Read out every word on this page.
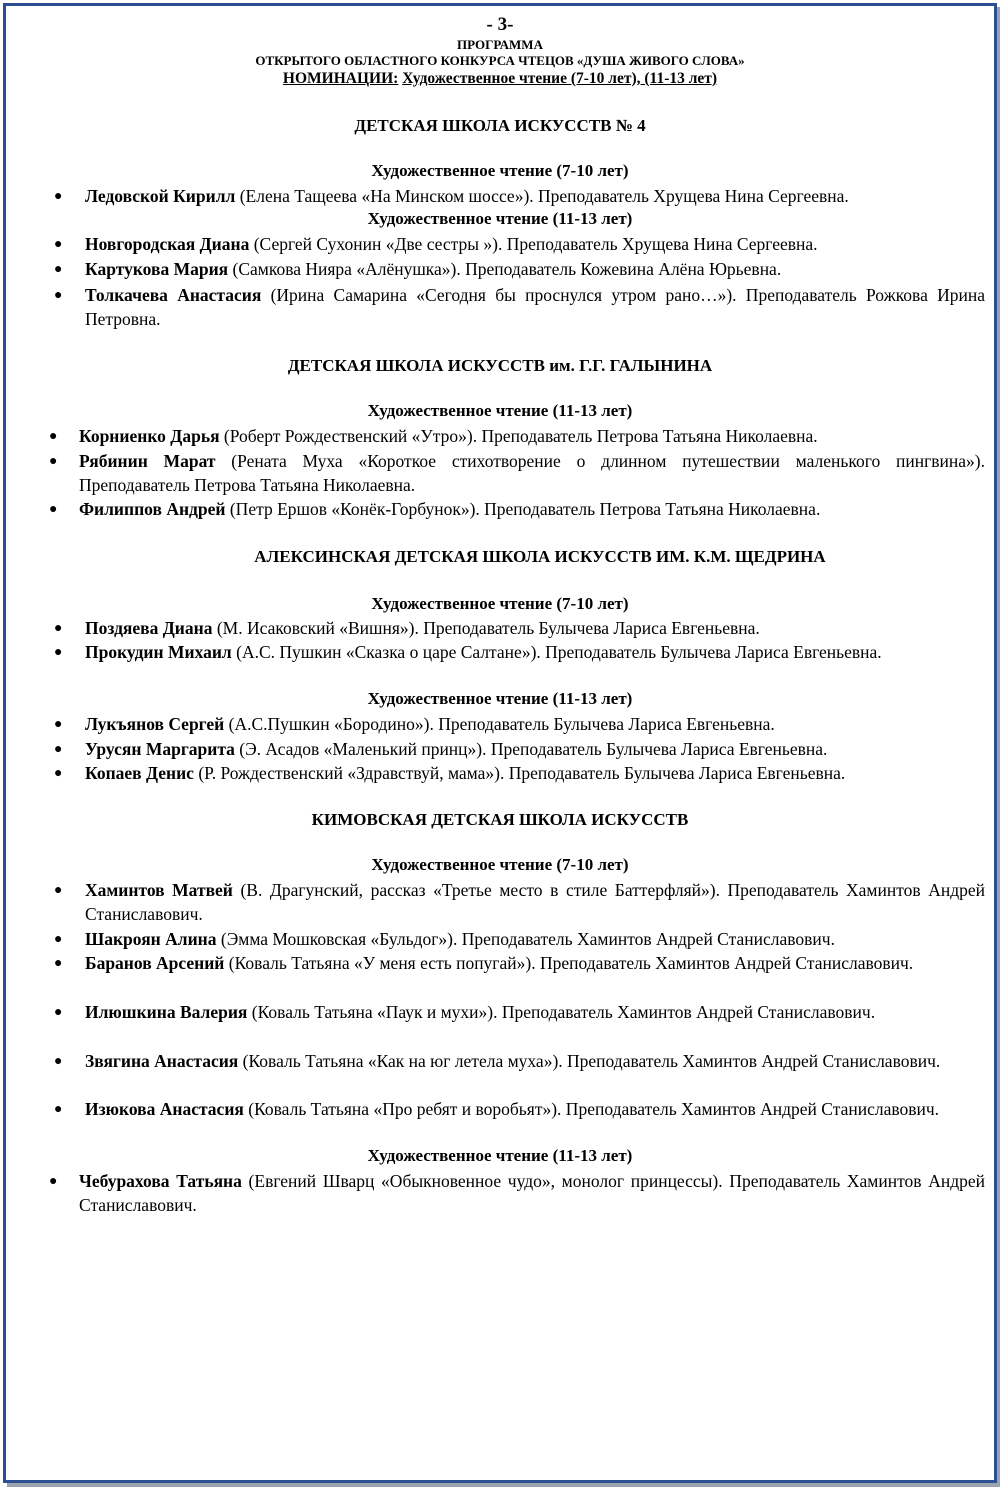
- 3-
ПРОГРАММА
ОТКРЫТОГО ОБЛАСТНОГО КОНКУРСА ЧТЕЦОВ «ДУША ЖИВОГО СЛОВА»
НОМИНАЦИИ: Художественное чтение (7-10 лет), (11-13 лет)
ДЕТСКАЯ ШКОЛА ИСКУССТВ № 4
Художественное чтение (7-10 лет)
● Ледовской Кирилл (Елена Тащеева «На Минском шоссе»). Преподаватель Хрущева Нина Сергеевна.
Художественное чтение (11-13 лет)
● Новгородская Диана (Сергей Сухонин «Две сестры »). Преподаватель Хрущева Нина Сергеевна.
● Картукова Мария (Самкова Нияра «Алёнушка»). Преподаватель Кожевина Алёна Юрьевна.
● Толкачева Анастасия (Ирина Самарина «Сегодня бы проснулся утром рано…»). Преподаватель Рожкова Ирина Петровна.
ДЕТСКАЯ ШКОЛА ИСКУССТВ им. Г.Г. ГАЛЫНИНА
Художественное чтение (11-13 лет)
● Корниенко Дарья (Роберт Рождественский «Утро»). Преподаватель Петрова Татьяна Николаевна.
● Рябинин Марат (Рената Муха «Короткое стихотворение о длинном путешествии маленького пингвина»). Преподаватель Петрова Татьяна Николаевна.
● Филиппов Андрей (Петр Ершов «Конёк-Горбунок»). Преподаватель Петрова Татьяна Николаевна.
АЛЕКСИНСКАЯ ДЕТСКАЯ ШКОЛА ИСКУССТВ ИМ. К.М. ЩЕДРИНА
Художественное чтение (7-10 лет)
● Поздяева Диана (М. Исаковский «Вишня»). Преподаватель Булычева Лариса Евгеньевна.
● Прокудин Михаил (А.С. Пушкин «Сказка о царе Салтане»). Преподаватель Булычева Лариса Евгеньевна.
Художественное чтение (11-13 лет)
● Лукъянов Сергей (А.С.Пушкин «Бородино»). Преподаватель Булычева Лариса Евгеньевна.
● Урусян Маргарита (Э. Асадов «Маленький принц»). Преподаватель Булычева Лариса Евгеньевна.
● Копаев Денис (Р. Рождественский «Здравствуй, мама»). Преподаватель Булычева Лариса Евгеньевна.
КИМОВСКАЯ ДЕТСКАЯ ШКОЛА ИСКУССТВ
Художественное чтение (7-10 лет)
● Хаминтов Матвей (В. Драгунский, рассказ «Третье место в стиле Баттерфляй»). Преподаватель Хаминтов Андрей Станиславович.
● Шакроян Алина (Эмма Мошковская «Бульдог»). Преподаватель Хаминтов Андрей Станиславович.
● Баранов Арсений (Коваль Татьяна «У меня есть попугай»). Преподаватель Хаминтов Андрей Станиславович.
● Илюшкина Валерия (Коваль Татьяна «Паук и мухи»). Преподаватель Хаминтов Андрей Станиславович.
● Звягина Анастасия (Коваль Татьяна «Как на юг летела муха»). Преподаватель Хаминтов Андрей Станиславович.
● Изюкова Анастасия (Коваль Татьяна «Про ребят и воробьят»). Преподаватель Хаминтов Андрей Станиславович.
Художественное чтение (11-13 лет)
● Чебурахова Татьяна (Евгений Шварц «Обыкновенное чудо», монолог принцессы). Преподаватель Хаминтов Андрей Станиславович.
